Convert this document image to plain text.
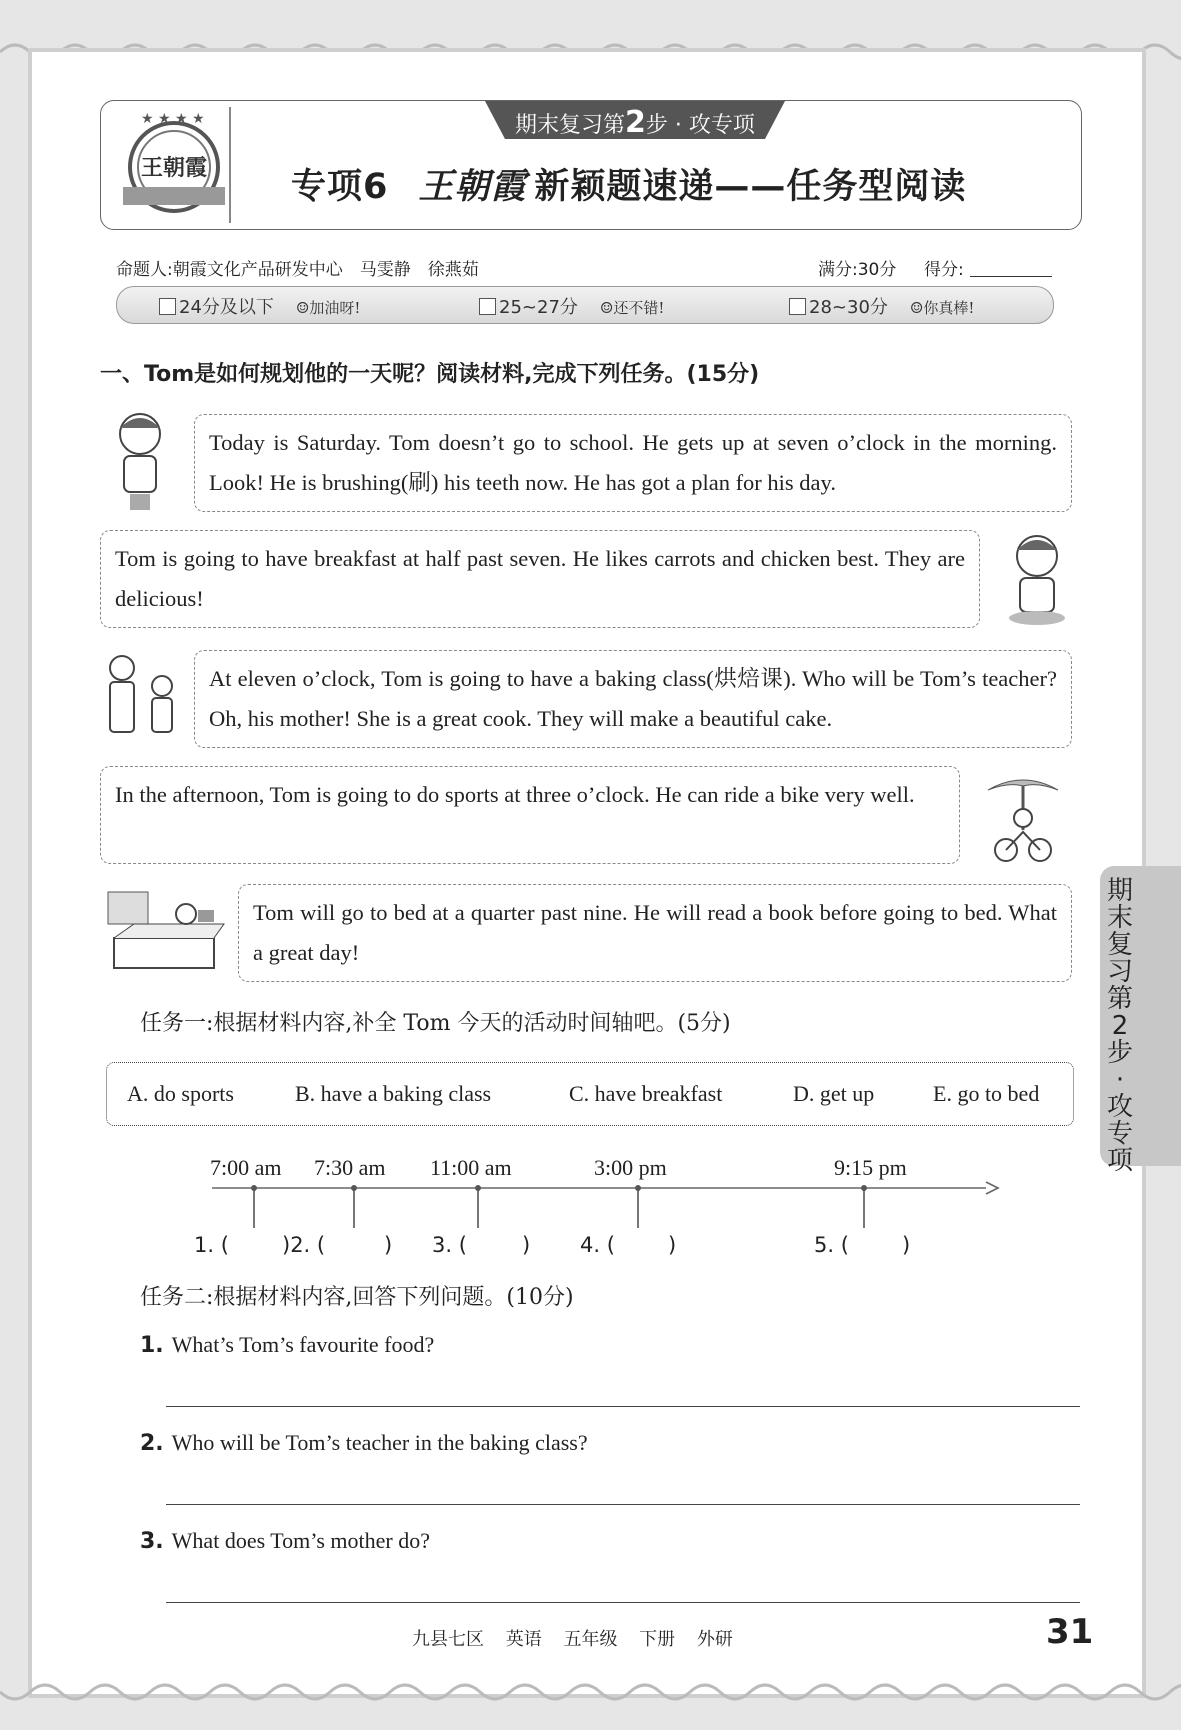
★ ★ ★ ★
王朝霞
期末复习第2步 · 攻专项
专项6 王朝霞 新颖题速递——任务型阅读
命题人:朝霞文化产品研发中心　马雯静　徐燕茹	满分:30分 得分:
24分及以下 ☺加油呀!	25~27分 ☺还不错!	28~30分 ☺你真棒!
一、Tom是如何规划他的一天呢？阅读材料,完成下列任务。(15分)
Today is Saturday. Tom doesn’t go to school. He gets up at seven o’clock in the morning. Look! He is brushing(刷) his teeth now. He has got a plan for his day.
Tom is going to have breakfast at half past seven. He likes carrots and chicken best. They are delicious!
At eleven o’clock, Tom is going to have a baking class(烘焙课). Who will be Tom’s teacher? Oh, his mother! She is a great cook. They will make a beautiful cake.
In the afternoon, Tom is going to do sports at three o’clock. He can ride a bike very well.
Tom will go to bed at a quarter past nine. He will read a book before going to bed. What a great day!
任务一:根据材料内容,补全 Tom 今天的活动时间轴吧。(5分)
A. do sports	B. have a baking class	C. have breakfast	D. get up	E. go to bed
7:00 am 7:30 am 11:00 am	3:00 pm	9:15 pm
1. (	)2. (	) 3. (	) 4. (	)	5. (	)
任务二:根据材料内容,回答下列问题。(10分)
1. What’s Tom’s favourite food?
2. Who will be Tom’s teacher in the baking class?
3. What does Tom’s mother do?
期末复习第2步·攻专项
九县七区 英语 五年级 下册 外研	31
